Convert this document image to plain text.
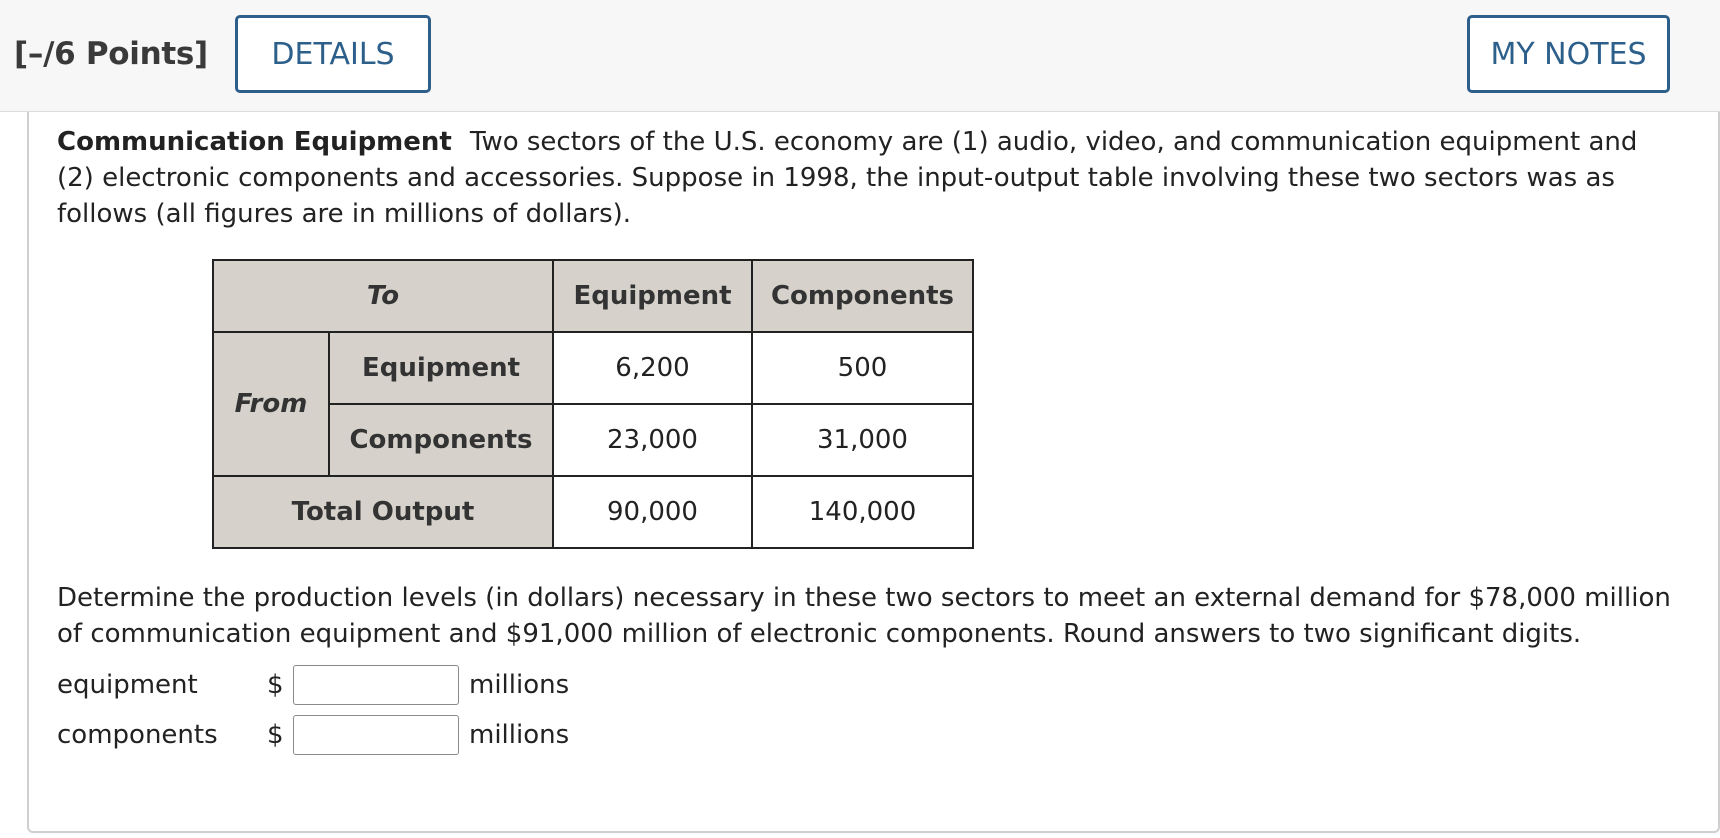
[–/6 Points]	DETAILS	MY NOTES
Communication Equipment Two sectors of the U.S. economy are (1) audio, video, and communication equipment and (2) electronic components and accessories. Suppose in 1998, the input-output table involving these two sectors was as follows (all figures are in millions of dollars).
To		Equipment	Components
From	Equipment	6,200	500
	Components	23,000	31,000
Total Output		90,000	140,000
Determine the production levels (in dollars) necessary in these two sectors to meet an external demand for $78,000 million of communication equipment and $91,000 million of electronic components. Round answers to two significant digits.
equipment	$	millions
components	$	millions
